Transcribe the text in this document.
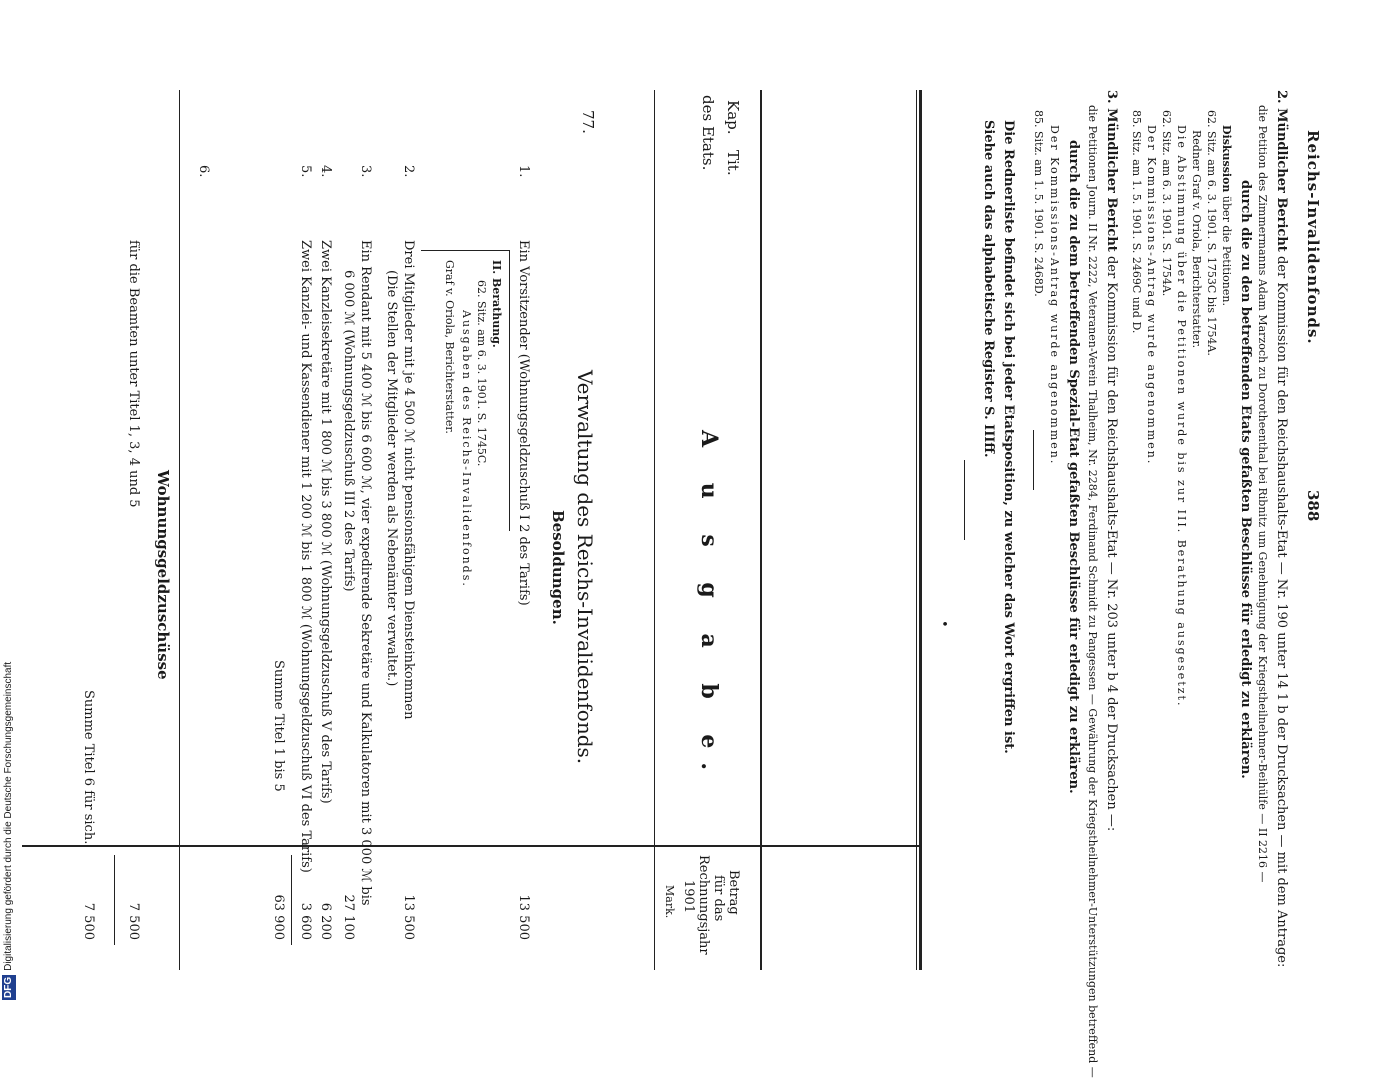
Reichs-Invalidenfonds.
388
2. Mündlicher Bericht der Kommission für den Reichshaushalts-Etat — Nr. 190 unter 14 1 b der Drucksachen — mit dem Antrage:
die Petition des Zimmermanns Adam Marzoch zu Dorotheenthal bei Ribnitz um Genehmigung der Kriegstheilnehmer-Beihülfe — II 2216 —
durch die zu den betreffenden Etats gefaßten Beschlüsse für erledigt zu erklären.
Diskussion über die Petitionen.
62. Sitz. am 6. 3. 1901. S. 1753C bis 1754A.
Redner Graf v. Oriola, Berichterstatter.
Die Abstimmung über die Petitionen wurde bis zur III. Berathung ausgesetzt.
62. Sitz. am 6. 3. 1901. S. 1754A.
Der Kommissions-Antrag wurde angenommen.
85. Sitz. am 1. 5. 1901. S. 2469C und D.
3. Mündlicher Bericht der Kommission für den Reichshaushalts-Etat — Nr. 203 unter b 4 der Drucksachen —:
die Petitionen Journ. II Nr. 2222, Veteranen-Verein Thalheim, Nr. 2284, Ferdinand Schmidt zu Pangessen — Gewährung der Kriegstheilnehmer-Unterstützungen betreffend —
durch die zu dem betreffenden Spezial-Etat gefaßten Beschlüsse für erledigt zu erklären.
Der Kommissions-Antrag wurde angenommen.
85. Sitz. am 1. 5. 1901. S. 2468D.
Die Rednerliste befindet sich bei jeder Etatsposition, zu welcher das Wort ergriffen ist.
Siehe auch das alphabetische Register S. IIIff.
•
Kap.
Tit.
des Etats.
Betrag
für das
Rechnungsjahr
1901
Mark.
A u s g a b e.
77.
Verwaltung des Reichs-Invalidenfonds.
Besoldungen.
1.
Ein Vorsitzender (Wohnungsgeldzuschuß I 2 des Tarifs)
13 500
II. Berathung.
62. Sitz. am 6. 3. 1901. S. 1745C.
Ausgaben des Reichs-Invalidenfonds.
Graf v. Oriola, Berichterstatter.
2.
Drei Mitglieder mit je 4 500 ℳ nicht pensionsfähigem Diensteinkommen
(Die Stellen der Mitglieder werden als Nebenämter verwaltet.)
13 500
3.
Ein Rendant mit 5 400 ℳ bis 6 600 ℳ, vier expedirende Sekretäre und Kalkulatoren mit 3 000 ℳ bis
6 000 ℳ (Wohnungsgeldzuschuß III 2 des Tarifs)
27 100
4.
Zwei Kanzleisekretäre mit 1 800 ℳ bis 3 800 ℳ (Wohnungsgeldzuschuß V des Tarifs)
6 200
5.
Zwei Kanzlei- und Kassendiener mit 1 200 ℳ bis 1 800 ℳ (Wohnungsgeldzuschuß VI des Tarifs)
3 600
Summe Titel 1 bis 5
63 900
6.
Wohnungsgeldzuschüsse
für die Beamten unter Titel 1, 3, 4 und 5
7 500
Summe Titel 6 für sich.
7 500
DFGDigitalisierung gefördert durch die Deutsche Forschungsgemeinschaft
